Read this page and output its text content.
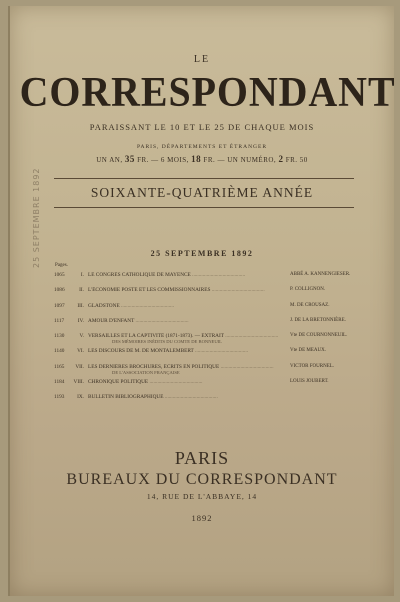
25 SEPTEMBRE 1892
LE
CORRESPONDANT
PARAISSANT LE 10 ET LE 25 DE CHAQUE MOIS
PARIS, DÉPARTEMENTS ET ÉTRANGER
UN AN, 35 FR. — 6 MOIS, 18 FR. — UN NUMÉRO, 2 FR. 50
SOIXANTE-QUATRIÈME ANNÉE
25 SEPTEMBRE 1892
Pages.
1065	I. LE CONGRÈS CATHOLIQUE DE MAYENCE ........................................	ABBÉ A. KANNENGIESER.
1086	II. L'ÉCONOMIE POSTE ET LES COMMISSIONNAIRES ........................................	P. COLLIGNON.
1097	III. GLADSTONE ........................................	M. DE CROUSAZ.
1117	IV. AMOUR D'ENFANT ........................................	J. DE LA BRETONNIÈRE.
1130	V. VERSAILLES ET LA CAPTIVITÉ (1871-1873). — EXTRAIT ........................................	Vte DE COURNONNEUIL.
DES MÉMOIRES INÉDITS DU COMTE DE BONNEUIL
1140	VI. LES DISCOURS DE M. DE MONTALEMBERT ........................................	Vte DE MEAUX.
1165	VII. LES DERNIÈRES BROCHURES, ÉCRITS EN POLITIQUE ........................................	VICTOR FOURNEL.
DE L'ASSOCIATION FRANÇAISE
1184	VIII. CHRONIQUE POLITIQUE ........................................	LOUIS JOUBERT.
1193	IX. BULLETIN BIBLIOGRAPHIQUE ........................................
PARIS
BUREAUX DU CORRESPONDANT
14, RUE DE L'ABBAYE, 14
1892
